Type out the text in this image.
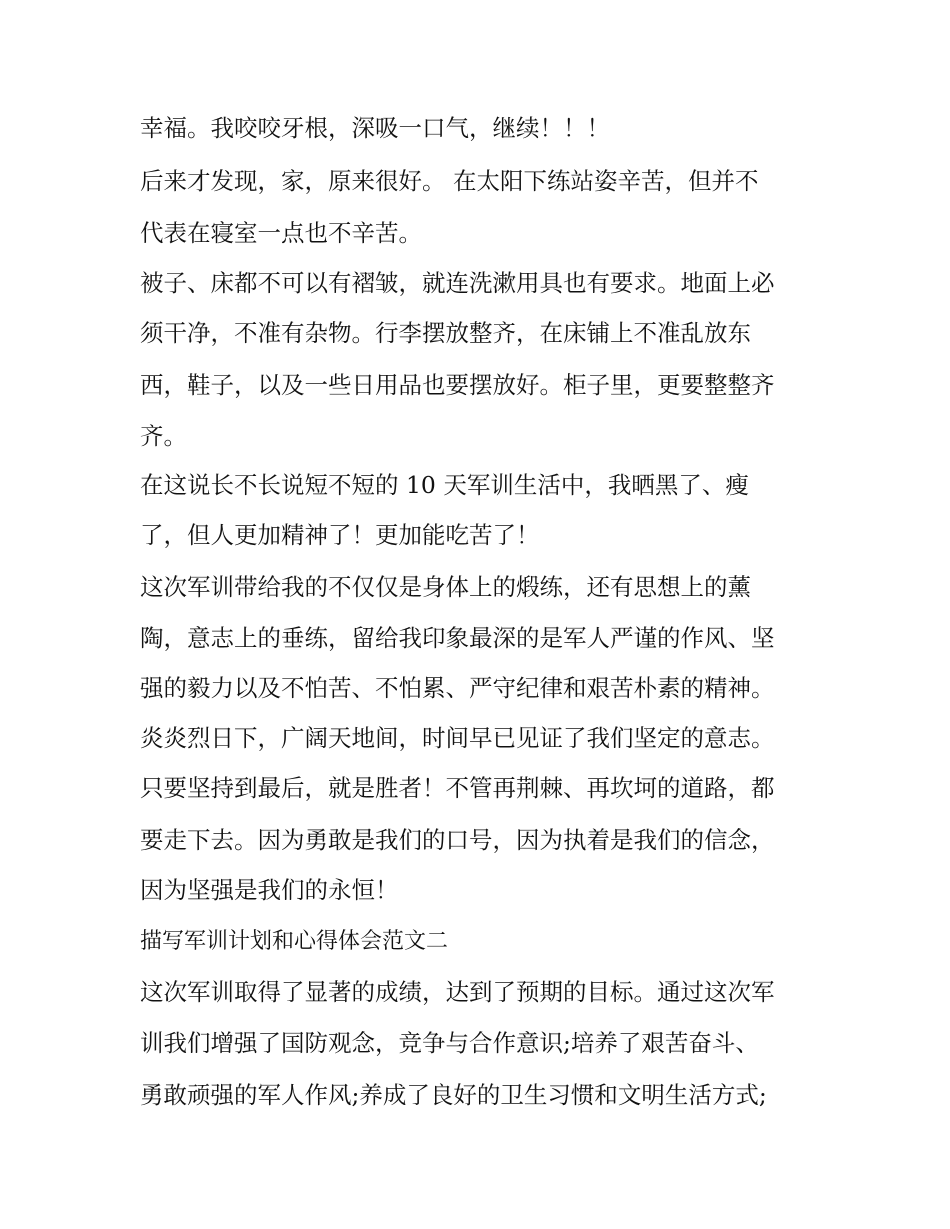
幸福。我咬咬牙根，深吸一口气，继续！！！
后来才发现，家，原来很好。 在太阳下练站姿辛苦，但并不
代表在寝室一点也不辛苦。
被子、床都不可以有褶皱，就连洗漱用具也有要求。地面上必
须干净，不准有杂物。行李摆放整齐，在床铺上不准乱放东
西，鞋子，以及一些日用品也要摆放好。柜子里，更要整整齐
齐。
在这说长不长说短不短的 10 天军训生活中，我晒黑了、瘦
了，但人更加精神了！更加能吃苦了！
这次军训带给我的不仅仅是身体上的煅练，还有思想上的薰
陶，意志上的垂练，留给我印象最深的是军人严谨的作风、坚
强的毅力以及不怕苦、不怕累、严守纪律和艰苦朴素的精神。
炎炎烈日下，广阔天地间，时间早已见证了我们坚定的意志。
只要坚持到最后，就是胜者！不管再荆棘、再坎坷的道路，都
要走下去。因为勇敢是我们的口号，因为执着是我们的信念，
因为坚强是我们的永恒！
描写军训计划和心得体会范文二
这次军训取得了显著的成绩，达到了预期的目标。通过这次军
训我们增强了国防观念，竞争与合作意识;培养了艰苦奋斗、
勇敢顽强的军人作风;养成了良好的卫生习惯和文明生活方式;
